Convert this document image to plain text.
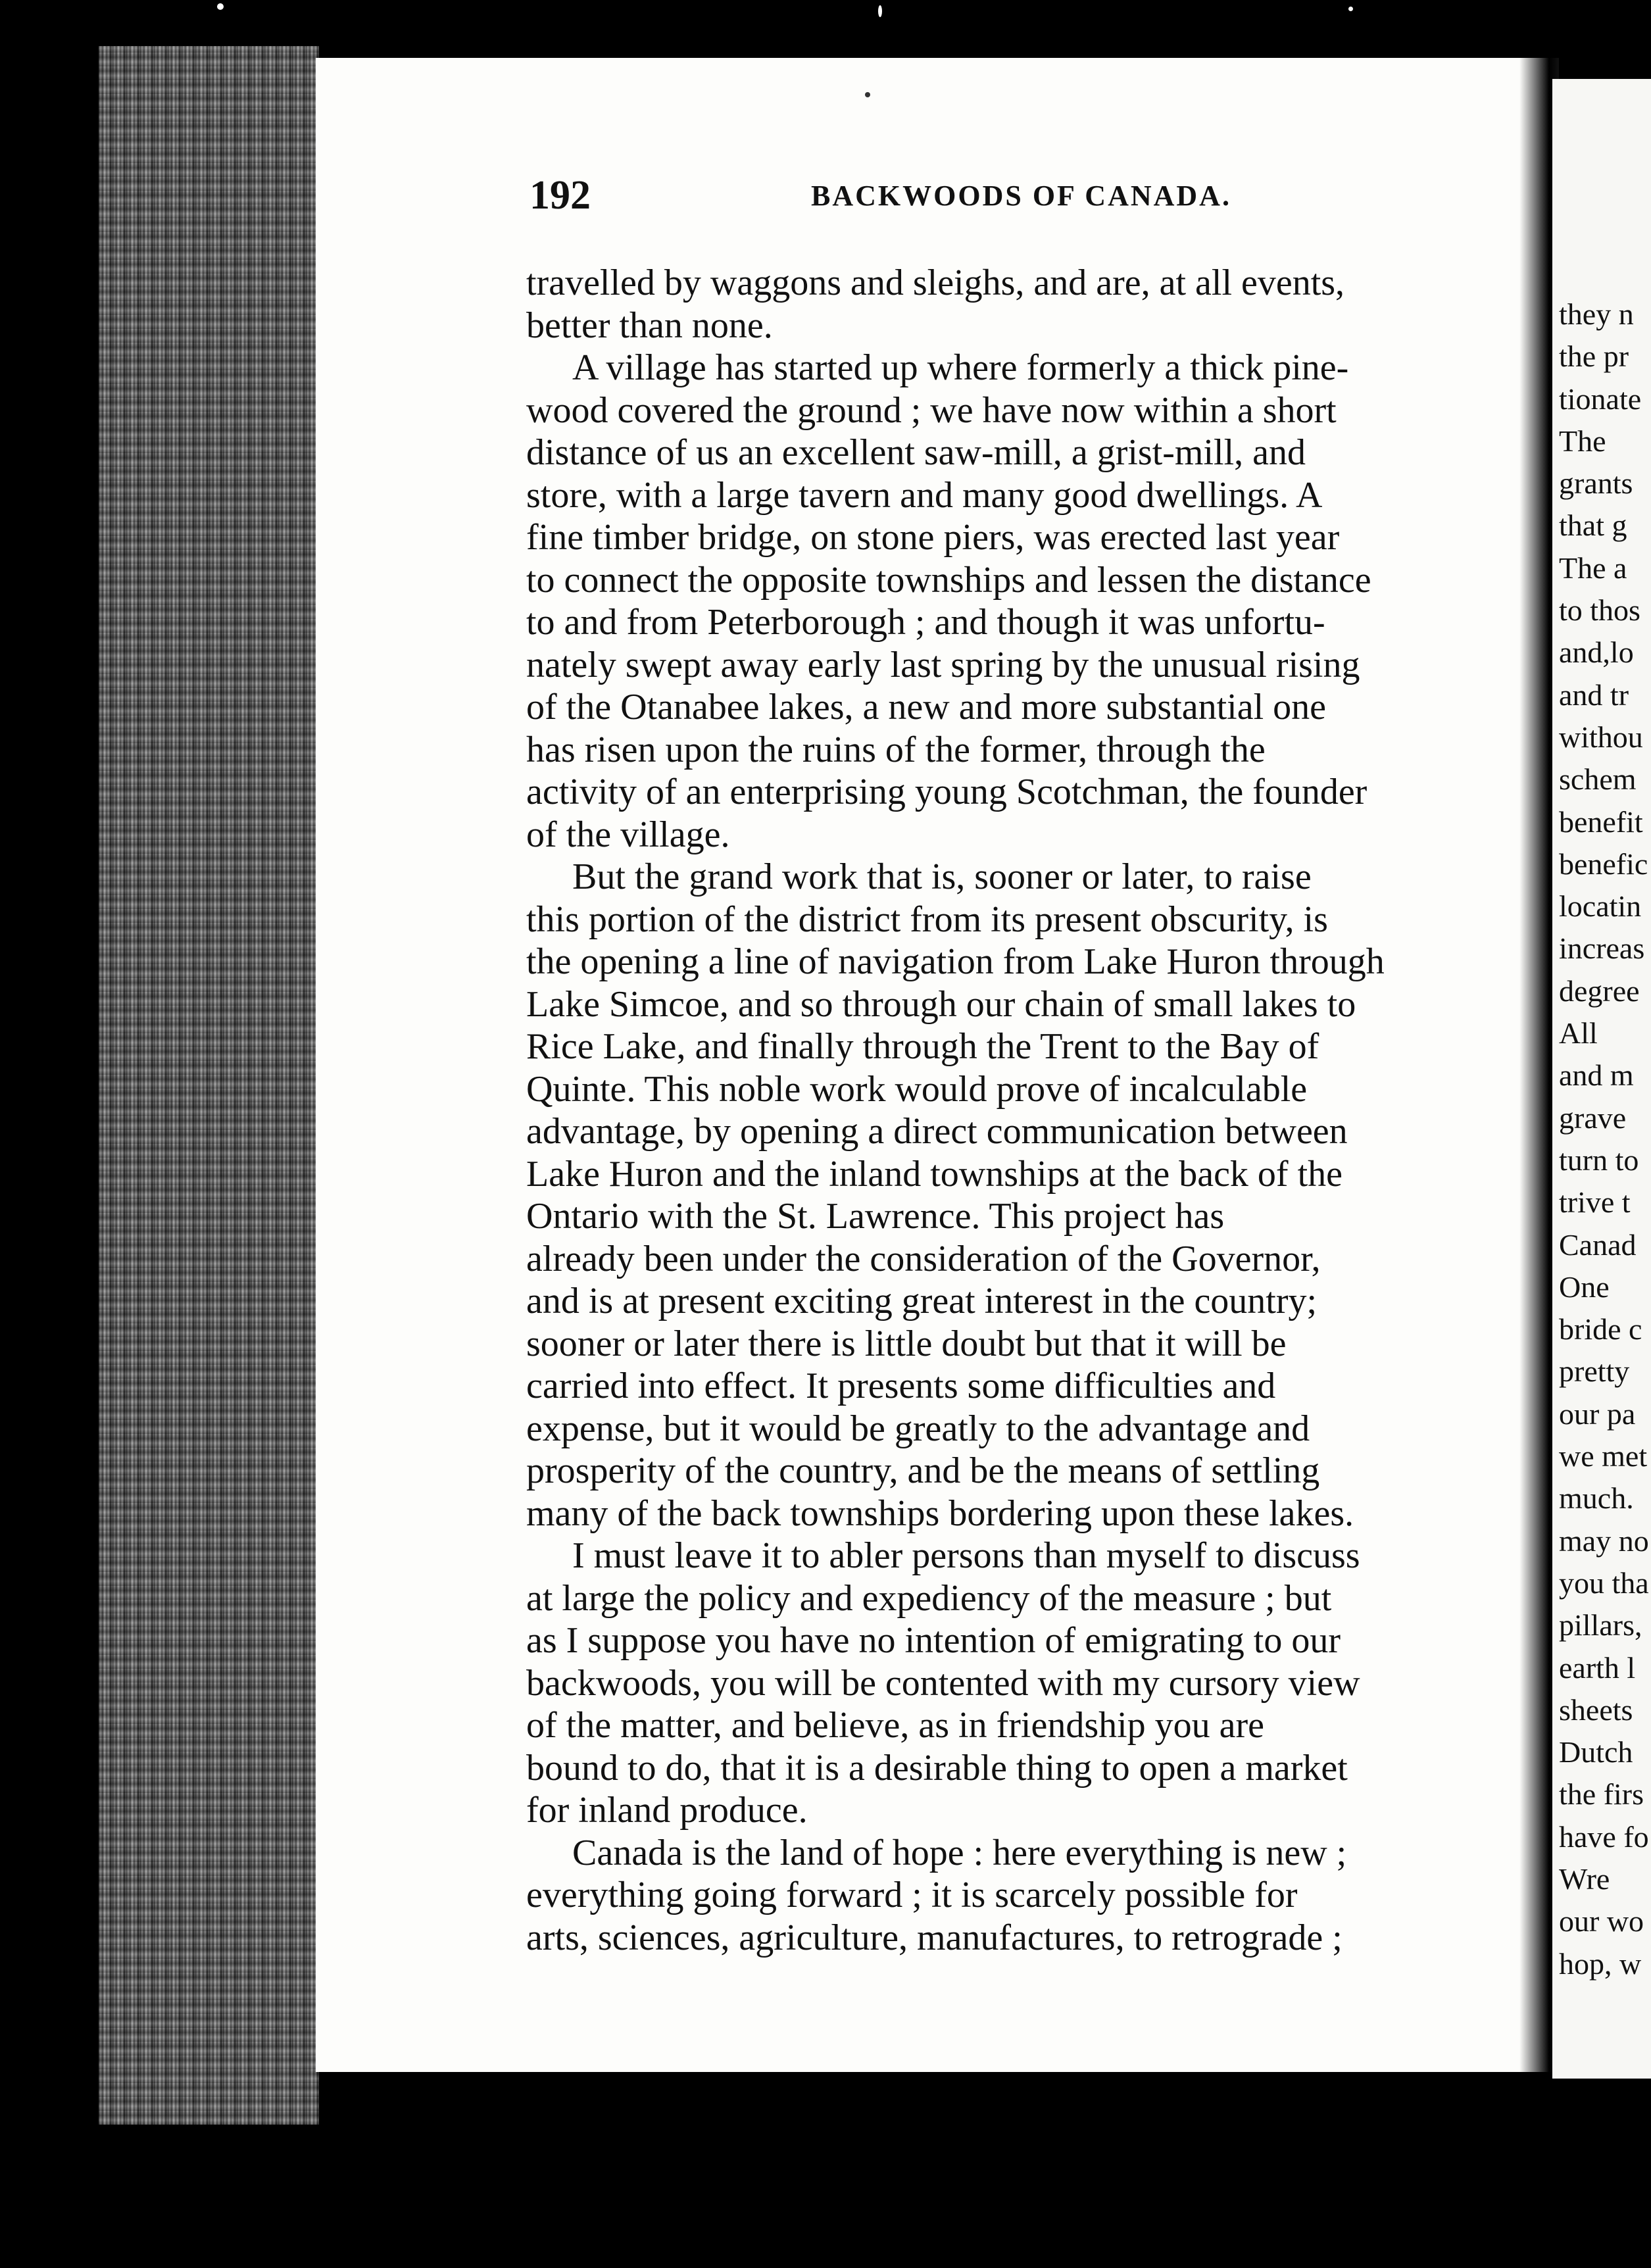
192	BACKWOODS OF CANADA.
travelled by waggons and sleighs, and are, at all events,
better than none.
A village has started up where formerly a thick pine-
wood covered the ground ; we have now within a short
distance of us an excellent saw-mill, a grist-mill, and
store, with a large tavern and many good dwellings. A
fine timber bridge, on stone piers, was erected last year
to connect the opposite townships and lessen the distance
to and from Peterborough ; and though it was unfortu-
nately swept away early last spring by the unusual rising
of the Otanabee lakes, a new and more substantial one
has risen upon the ruins of the former, through the
activity of an enterprising young Scotchman, the founder
of the village.
But the grand work that is, sooner or later, to raise
this portion of the district from its present obscurity, is
the opening a line of navigation from Lake Huron through
Lake Simcoe, and so through our chain of small lakes to
Rice Lake, and finally through the Trent to the Bay of
Quinte. This noble work would prove of incalculable
advantage, by opening a direct communication between
Lake Huron and the inland townships at the back of the
Ontario with the St. Lawrence. This project has
already been under the consideration of the Governor,
and is at present exciting great interest in the country;
sooner or later there is little doubt but that it will be
carried into effect. It presents some difficulties and
expense, but it would be greatly to the advantage and
prosperity of the country, and be the means of settling
many of the back townships bordering upon these lakes.
I must leave it to abler persons than myself to discuss
at large the policy and expediency of the measure ; but
as I suppose you have no intention of emigrating to our
backwoods, you will be contented with my cursory view
of the matter, and believe, as in friendship you are
bound to do, that it is a desirable thing to open a market
for inland produce.
Canada is the land of hope : here everything is new ;
everything going forward ; it is scarcely possible for
arts, sciences, agriculture, manufactures, to retrograde ;
they n
the pr
tionate
The
grants
that g
The a
to thos
and,lo
and tr
withou
schem
benefit
benefic
locatin
increas
degree
All
and m
grave
turn to
trive t
Canad
One
bride c
pretty
our pa
we met
much.
may no
you tha
pillars,
earth l
sheets
Dutch
the firs
have fo
Wre
our wo
hop, w
